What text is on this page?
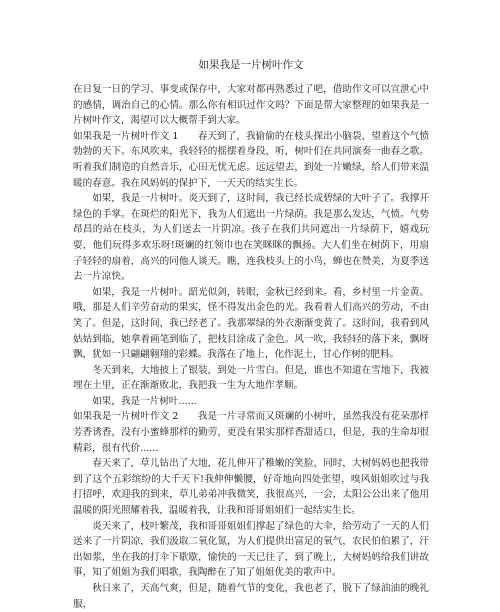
如果我是一片树叶作文

在日复一日的学习、事变或保存中，大家对都再熟悉过了吧，借助作文可以宣泄心中的感情，调治自己的心情。那么你有相识过作文吗？下面是帮大家整理的如果我是一片树叶作文，渴望可以大概帮手到大家。

如果我是一片树叶作文 1　　春天到了，我偷偷的在枝头探出小脑袋，望着这个气愤勃勃的天下。东风吹来，我轻轻的摇摆着身段，听，树叶们在共同演奏一曲春之歌。听着我们制造的自然音乐，心田无忧无虑。远远望去，到处一片嫩绿，给人们带来温暖的春意。我在风妈妈的保护下，一天天的结实生长。

如果，我是一片树叶。炎天到了，这时间，我已经长成碧绿的大叶子了。我撑开绿色的手掌。在斑烂的阳光下，我为人们遮出一片绿荫。我是那么发达，气愤。气势昂昌的站在枝头，为人们送去一片阴凉。孩子在我们共同遮出一片绿荫下，嬉戏玩耍，他们玩得多欢乐呀!斑斓的红领巾也在笑眯眯的飘扬。大人们坐在树荫下，用扇子轻轻的扇着，高兴的同他人谈天。瞧，连我枝头上的小鸟，蝉也在赞美，为夏季送去一片凉快。

如果，我是一片树叶。韶光似剑，转眼，金秋已经到来。看，乡村里一片金黄。哦，那是人们辛劳奋动的果实，怪不得发出金色的光。我看着人们高兴的劳动，不由笑了。但是，这时间，我已经老了。我那翠绿的外衣渐渐变黄了。这时间，我看到风姑姑到临，她拿着画笔到临了，把枝目涂成了金色。风一吹，我轻轻的落下来，飘呀飘，犹如一只翩翩翱翔的彩蝶。我落在了地上，化作泥土，甘心作树的肥料。

冬天到来，大地披上了银装，到处一片雪白。但是，谁也不知道在雪地下，我被埋在土里，正在渐渐败北，我把我一生为大地作孝顺。

如果，我是一片树叶......

如果我是一片树叶作文 2　　我是一片寻常而又斑斓的小树叶，虽然我没有花朵那样芳香诱香，没有小蜜蜂那样的勤劳，更没有果实那样香甜适口，但是，我的生命却很精彩，很有代价......

春天来了，草儿钻出了大地，花儿伸开了稚嫩的笑脸，同时，大树妈妈也把我带到了这个五彩缤纷的大千天下!我伸伸懒腰，好奇地向四处张望，嗅风姐姐吹过与我打招呼，欢迎我的到来，草儿弟弟冲我微笑，我很高兴，一会，太阳公公出来了他用温暖的阳光照耀着我，温暖着我，让我和哥哥姐姐们一起结实生长。

炎天来了，枝叶繁茂，我和哥哥姐姐们撑起了绿色的大伞，给劳动了一天的人们送来了一片阴凉，我们汲取二氧化氮，为人们提供出富足的氧气，农民伯伯累了，汗出如浆，坐在我的打伞下歇歇，愉快的一天已往了，到了晚上，大树妈妈给我们讲故事，知了姐姐为我们唱歌，我陶醉在了知了姐姐优美的歌声中。

秋日来了，天高气爽，但是，随着气节的变化，我也老了，脱下了绿油油的晚礼服，
